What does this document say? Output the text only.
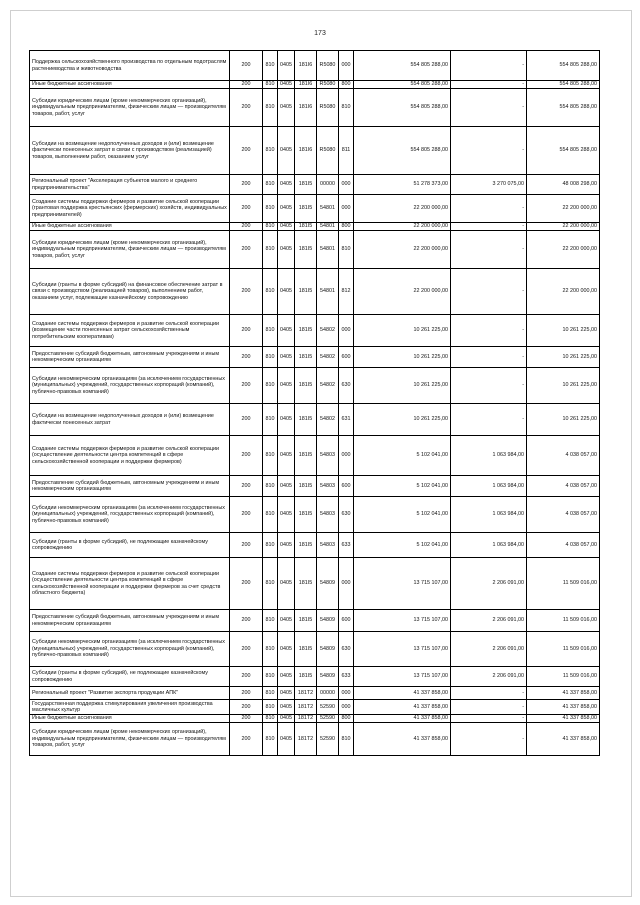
173
Поддержка сельскохозяйственного производства по отдельным подотраслям растениеводства и животноводства	200	810	0405	181I6	R5080	000	554 805 288,00	-	554 805 288,00
Иные бюджетные ассигнования	200	810	0405	181I6	R5080	800	554 805 288,00	-	554 805 288,00
Субсидии юридическим лицам (кроме некоммерческих организаций), индивидуальным предпринимателям, физическим лицам — производителям товаров, работ, услуг	200	810	0405	181I6	R5080	810	554 805 288,00	-	554 805 288,00
Субсидии на возмещение недополученных доходов и (или) возмещение фактически понесенных затрат в связи с производством (реализацией) товаров, выполнением работ, оказанием услуг	200	810	0405	181I6	R5080	811	554 805 288,00	-	554 805 288,00
Региональный проект "Акселерация субъектов малого и среднего предпринимательства"	200	810	0405	181I5	00000	000	51 278 373,00	3 270 075,00	48 008 298,00
Создание системы поддержки фермеров и развитие сельской кооперации (грантовая поддержка крестьянских (фермерских) хозяйств, индивидуальных предпринимателей)	200	810	0405	181I5	54801	000	22 200 000,00	-	22 200 000,00
Иные бюджетные ассигнования	200	810	0405	181I5	54801	800	22 200 000,00	-	22 200 000,00
Субсидии юридическим лицам (кроме некоммерческих организаций), индивидуальным предпринимателям, физическим лицам — производителям товаров, работ, услуг	200	810	0405	181I5	54801	810	22 200 000,00	-	22 200 000,00
Субсидии (гранты в форме субсидий) на финансовое обеспечение затрат в связи с производством (реализацией товаров), выполнением работ, оказанием услуг, подлежащие казначейскому сопровождению	200	810	0405	181I5	54801	812	22 200 000,00	-	22 200 000,00
Создание системы поддержки фермеров и развитие сельской кооперации (возмещение части понесенных затрат сельскохозяйственным потребительским кооперативам)	200	810	0405	181I5	54802	000	10 261 225,00	-	10 261 225,00
Предоставление субсидий бюджетным, автономным учреждениям и иным некоммерческим организациям	200	810	0405	181I5	54802	600	10 261 225,00	-	10 261 225,00
Субсидии некоммерческим организациям (за исключением государственных (муниципальных) учреждений, государственных корпораций (компаний), публично-правовых компаний)	200	810	0405	181I5	54802	630	10 261 225,00	-	10 261 225,00
Субсидии на возмещение недополученных доходов и (или) возмещение фактически понесенных затрат	200	810	0405	181I5	54802	631	10 261 225,00	-	10 261 225,00
Создание системы поддержки фермеров и развитие сельской кооперации (осуществление деятельности центра компетенций в сфере сельскохозяйственной кооперации и поддержки фермеров)	200	810	0405	181I5	54803	000	5 102 041,00	1 063 984,00	4 038 057,00
Предоставление субсидий бюджетным, автономным учреждениям и иным некоммерческим организациям	200	810	0405	181I5	54803	600	5 102 041,00	1 063 984,00	4 038 057,00
Субсидии некоммерческим организациям (за исключением государственных (муниципальных) учреждений, государственных корпораций (компаний), публично-правовых компаний)	200	810	0405	181I5	54803	630	5 102 041,00	1 063 984,00	4 038 057,00
Субсидии (гранты в форме субсидий), не подлежащие казначейскому сопровождению	200	810	0405	181I5	54803	633	5 102 041,00	1 063 984,00	4 038 057,00
Создание системы поддержки фермеров и развитие сельской кооперации (осуществление деятельности центра компетенций в сфере сельскохозяйственной кооперации и поддержки фермеров за счет средств областного бюджета)	200	810	0405	181I5	54809	000	13 715 107,00	2 206 091,00	11 509 016,00
Предоставление субсидий бюджетным, автономным учреждениям и иным некоммерческим организациям	200	810	0405	181I5	54809	600	13 715 107,00	2 206 091,00	11 509 016,00
Субсидии некоммерческим организациям (за исключением государственных (муниципальных) учреждений, государственных корпораций (компаний), публично-правовых компаний)	200	810	0405	181I5	54809	630	13 715 107,00	2 206 091,00	11 509 016,00
Субсидии (гранты в форме субсидий), не подлежащие казначейскому сопровождению	200	810	0405	181I5	54809	633	13 715 107,00	2 206 091,00	11 509 016,00
Региональный проект "Развитие экспорта продукции АПК"	200	810	0405	181T2	00000	000	41 337 858,00	-	41 337 858,00
Государственная поддержка стимулирования увеличения производства масличных культур	200	810	0405	181T2	52590	000	41 337 858,00	-	41 337 858,00
Иные бюджетные ассигнования	200	810	0405	181T2	52590	800	41 337 858,00	-	41 337 858,00
Субсидии юридическим лицам (кроме некоммерческих организаций), индивидуальным предпринимателям, физическим лицам — производителям товаров, работ, услуг	200	810	0405	181T2	52590	810	41 337 858,00	-	41 337 858,00
